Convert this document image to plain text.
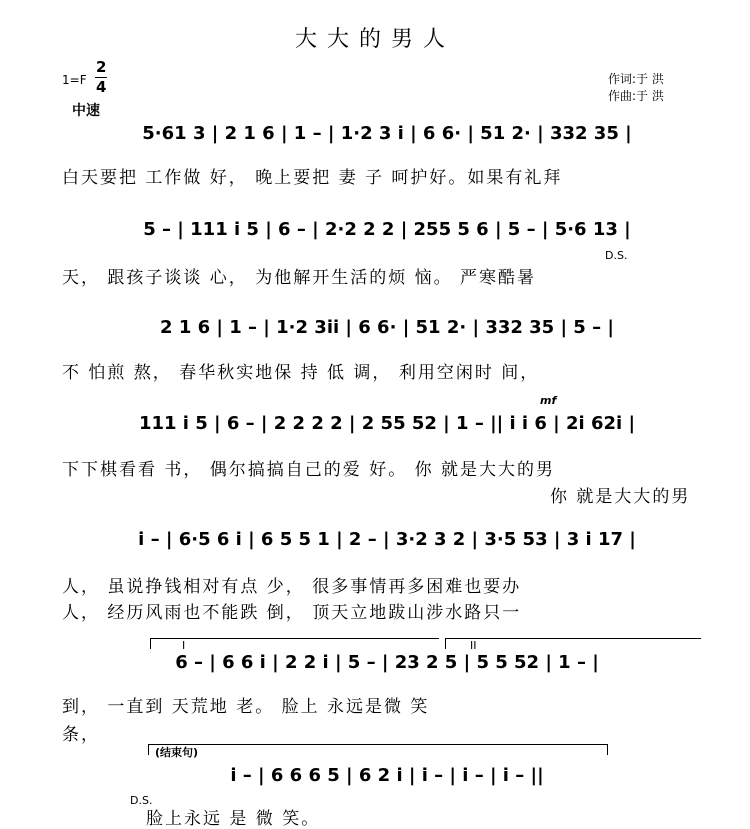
大大的男人
1=F
2
4
中速
作词:于 洪
作曲:于 洪
5·61 3 | 2 1 6 | 1 – | 1·2 3 i | 6 6· | 51 2· | 332 35 |
白天要把 工作做 好， 晚上要把 妻 子 呵护好。如果有礼拜
5 – | 111 i 5 | 6 – | 2·2 2 2 | 255 5 6 | 5 – | 5·6 13 |
D.S.
天， 跟孩子谈谈 心， 为他解开生活的烦 恼。 严寒酷暑
2 1 6 | 1 – | 1·2 3ii | 6 6· | 51 2· | 332 35 | 5 – |
不 怕煎 熬， 春华秋实地保 持 低 调， 利用空闲时 间，
mf
111 i 5 | 6 – | 2 2 2 2 | 2 55 52 | 1 – || i i 6 | 2i 62i |
下下棋看看 书， 偶尔搞搞自己的爱 好。 你 就是大大的男
你 就是大大的男
i – | 6·5 6 i | 6 5 5 1 | 2 – | 3·2 3 2 | 3·5 53 | 3 i 17 |
人， 虽说挣钱相对有点 少， 很多事情再多困难也要办
人， 经历风雨也不能跌 倒， 顶天立地跋山涉水路只一
I	II
6 – | 6 6 i | 2 2 i | 5 – | 23 2 5 | 5 5 52 | 1 – |
到， 一直到 天荒地 老。 脸上 永远是微 笑
条，
(结束句)
i – | 6 6 6 5 | 6 2 i | i – | i – | i – ||
D.S.
脸上永远 是 微 笑。
